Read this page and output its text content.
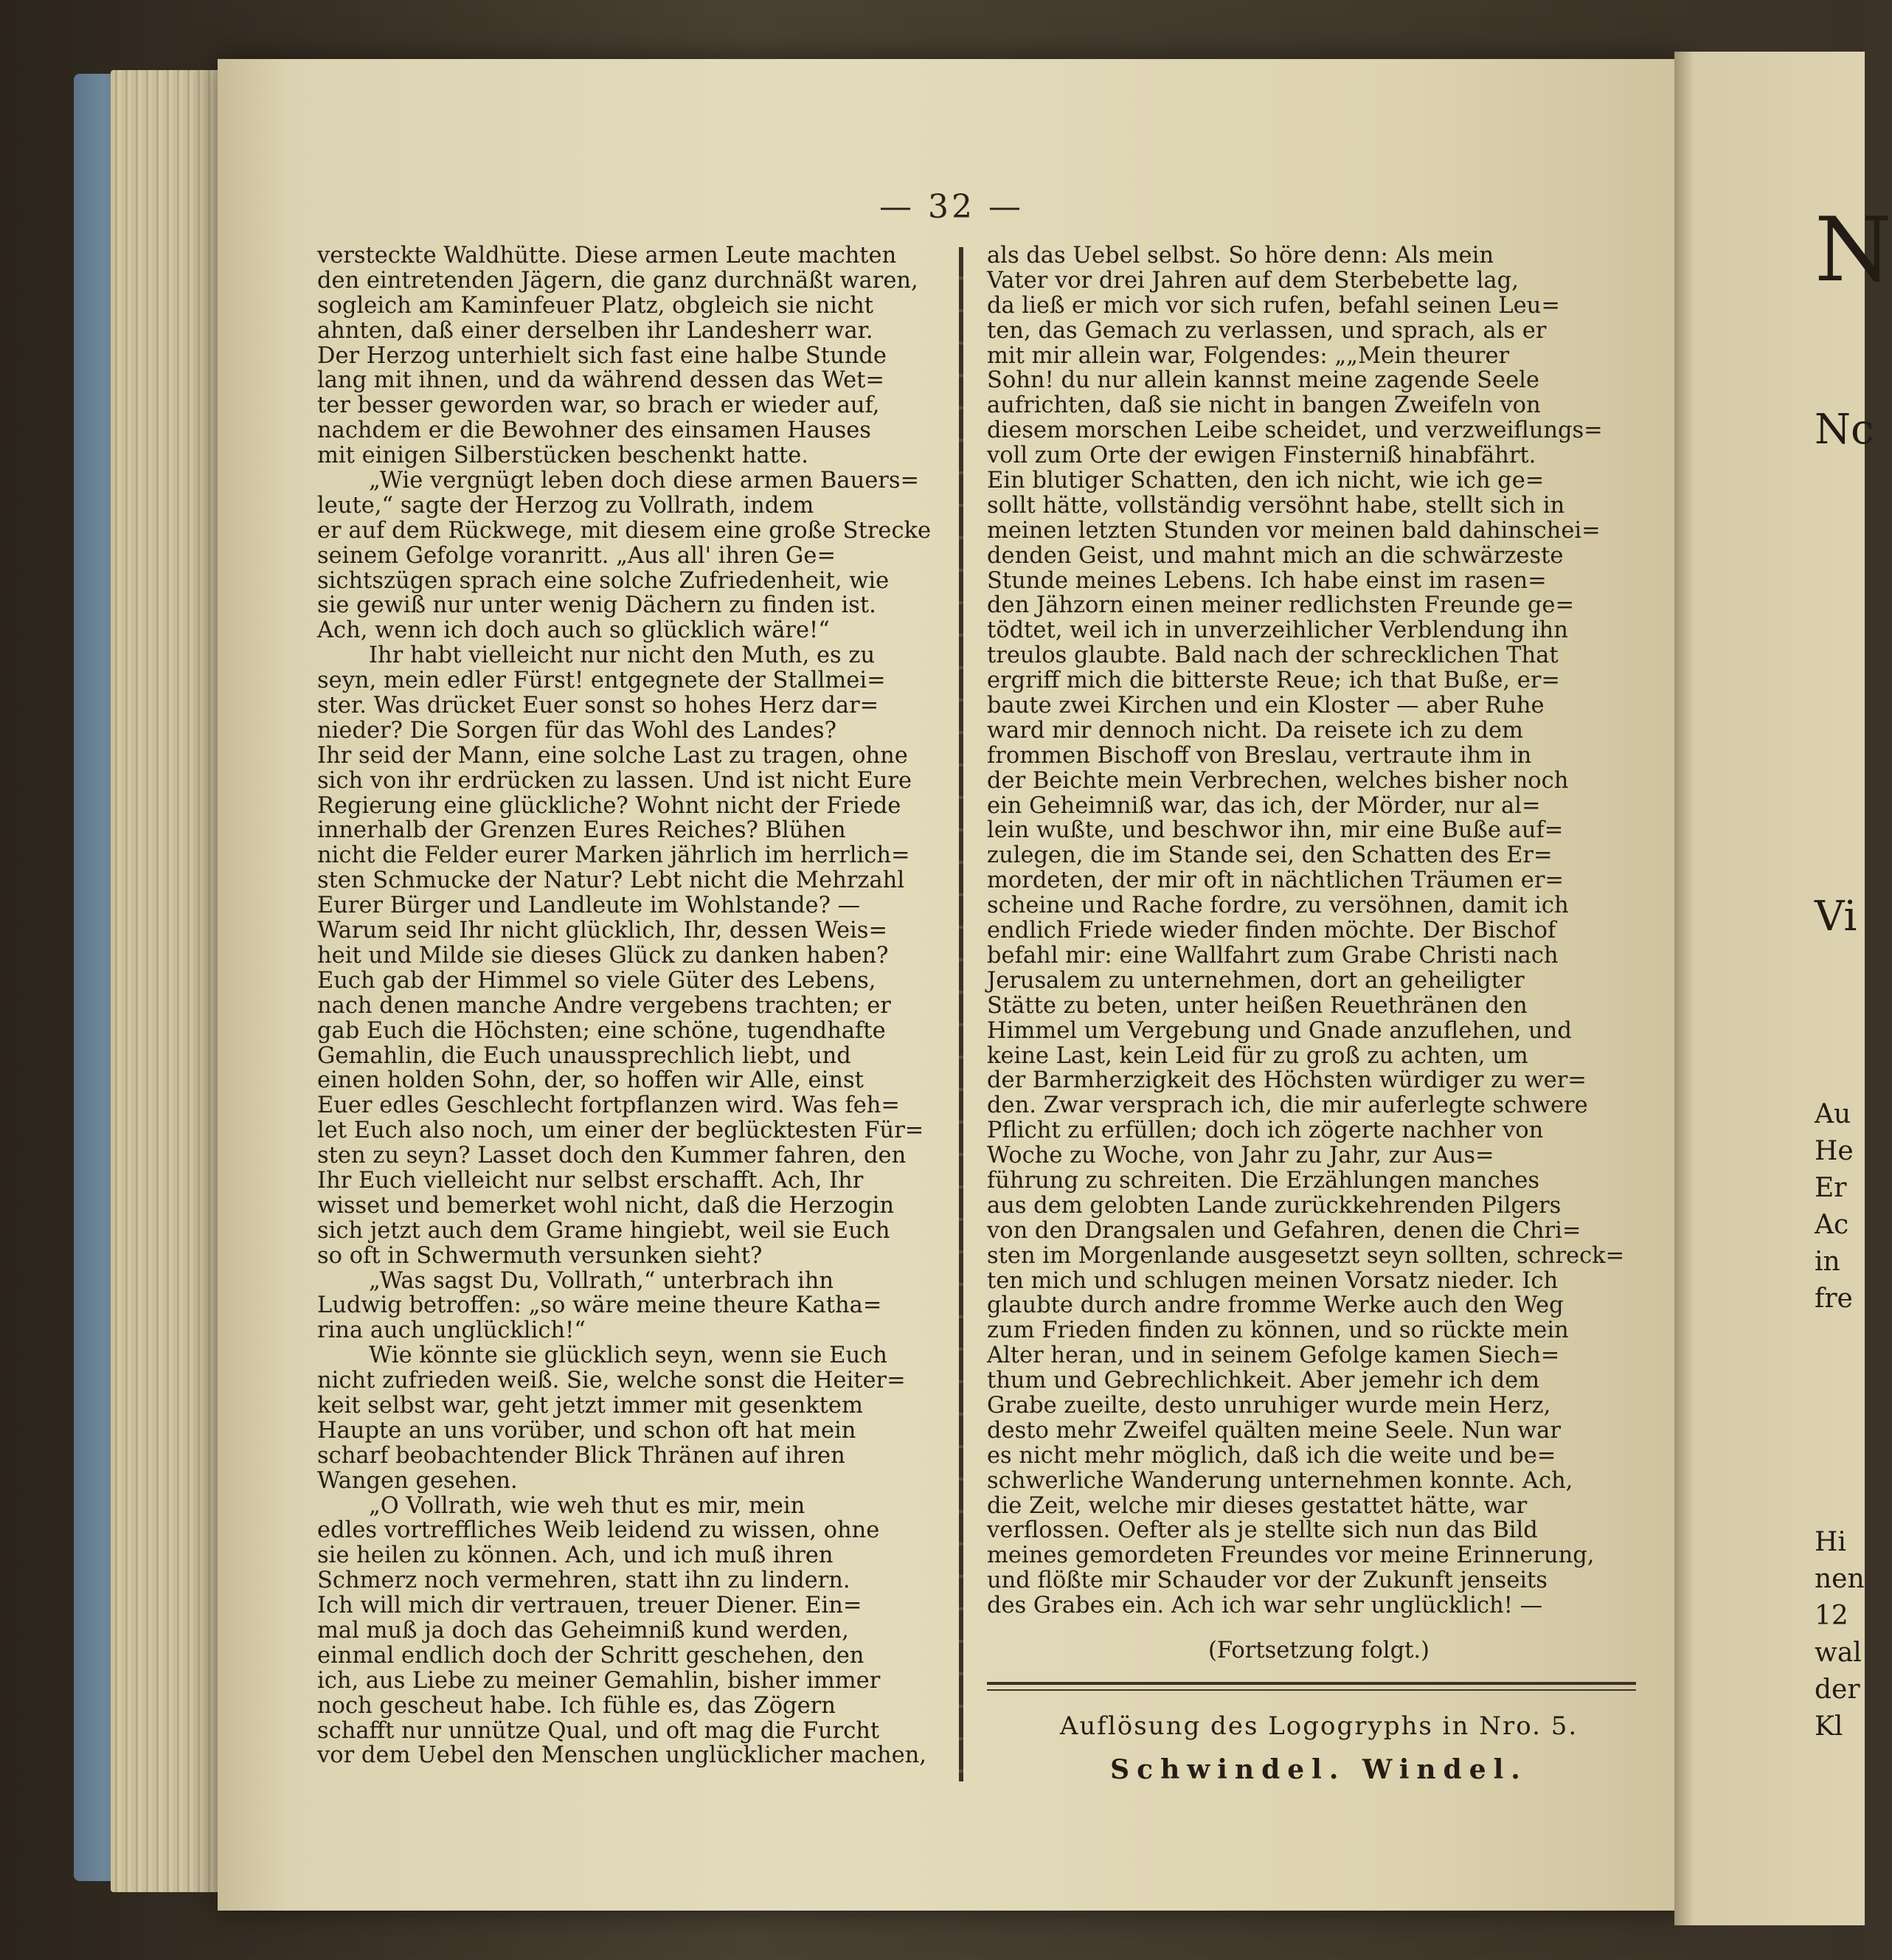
— 32 —
versteckte Waldhütte. Diese armen Leute machten
den eintretenden Jägern, die ganz durchnäßt waren,
sogleich am Kaminfeuer Platz, obgleich sie nicht
ahnten, daß einer derselben ihr Landesherr war.
Der Herzog unterhielt sich fast eine halbe Stunde
lang mit ihnen, und da während dessen das Wet=
ter besser geworden war, so brach er wieder auf,
nachdem er die Bewohner des einsamen Hauses
mit einigen Silberstücken beschenkt hatte.
„Wie vergnügt leben doch diese armen Bauers=
leute,“ sagte der Herzog zu Vollrath, indem
er auf dem Rückwege, mit diesem eine große Strecke
seinem Gefolge voranritt. „Aus all' ihren Ge=
sichtszügen sprach eine solche Zufriedenheit, wie
sie gewiß nur unter wenig Dächern zu finden ist.
Ach, wenn ich doch auch so glücklich wäre!“
Ihr habt vielleicht nur nicht den Muth, es zu
seyn, mein edler Fürst! entgegnete der Stallmei=
ster. Was drücket Euer sonst so hohes Herz dar=
nieder? Die Sorgen für das Wohl des Landes?
Ihr seid der Mann, eine solche Last zu tragen, ohne
sich von ihr erdrücken zu lassen. Und ist nicht Eure
Regierung eine glückliche? Wohnt nicht der Friede
innerhalb der Grenzen Eures Reiches? Blühen
nicht die Felder eurer Marken jährlich im herrlich=
sten Schmucke der Natur? Lebt nicht die Mehrzahl
Eurer Bürger und Landleute im Wohlstande? —
Warum seid Ihr nicht glücklich, Ihr, dessen Weis=
heit und Milde sie dieses Glück zu danken haben?
Euch gab der Himmel so viele Güter des Lebens,
nach denen manche Andre vergebens trachten; er
gab Euch die Höchsten; eine schöne, tugendhafte
Gemahlin, die Euch unaussprechlich liebt, und
einen holden Sohn, der, so hoffen wir Alle, einst
Euer edles Geschlecht fortpflanzen wird. Was feh=
let Euch also noch, um einer der beglücktesten Für=
sten zu seyn? Lasset doch den Kummer fahren, den
Ihr Euch vielleicht nur selbst erschafft. Ach, Ihr
wisset und bemerket wohl nicht, daß die Herzogin
sich jetzt auch dem Grame hingiebt, weil sie Euch
so oft in Schwermuth versunken sieht?
„Was sagst Du, Vollrath,“ unterbrach ihn
Ludwig betroffen: „so wäre meine theure Katha=
rina auch unglücklich!“
Wie könnte sie glücklich seyn, wenn sie Euch
nicht zufrieden weiß. Sie, welche sonst die Heiter=
keit selbst war, geht jetzt immer mit gesenktem
Haupte an uns vorüber, und schon oft hat mein
scharf beobachtender Blick Thränen auf ihren
Wangen gesehen.
„O Vollrath, wie weh thut es mir, mein
edles vortreffliches Weib leidend zu wissen, ohne
sie heilen zu können. Ach, und ich muß ihren
Schmerz noch vermehren, statt ihn zu lindern.
Ich will mich dir vertrauen, treuer Diener. Ein=
mal muß ja doch das Geheimniß kund werden,
einmal endlich doch der Schritt geschehen, den
ich, aus Liebe zu meiner Gemahlin, bisher immer
noch gescheut habe. Ich fühle es, das Zögern
schafft nur unnütze Qual, und oft mag die Furcht
vor dem Uebel den Menschen unglücklicher machen,
als das Uebel selbst. So höre denn: Als mein
Vater vor drei Jahren auf dem Sterbebette lag,
da ließ er mich vor sich rufen, befahl seinen Leu=
ten, das Gemach zu verlassen, und sprach, als er
mit mir allein war, Folgendes: „„Mein theurer
Sohn! du nur allein kannst meine zagende Seele
aufrichten, daß sie nicht in bangen Zweifeln von
diesem morschen Leibe scheidet, und verzweiflungs=
voll zum Orte der ewigen Finsterniß hinabfährt.
Ein blutiger Schatten, den ich nicht, wie ich ge=
sollt hätte, vollständig versöhnt habe, stellt sich in
meinen letzten Stunden vor meinen bald dahinschei=
denden Geist, und mahnt mich an die schwärzeste
Stunde meines Lebens. Ich habe einst im rasen=
den Jähzorn einen meiner redlichsten Freunde ge=
tödtet, weil ich in unverzeihlicher Verblendung ihn
treulos glaubte. Bald nach der schrecklichen That
ergriff mich die bitterste Reue; ich that Buße, er=
baute zwei Kirchen und ein Kloster — aber Ruhe
ward mir dennoch nicht. Da reisete ich zu dem
frommen Bischoff von Breslau, vertraute ihm in
der Beichte mein Verbrechen, welches bisher noch
ein Geheimniß war, das ich, der Mörder, nur al=
lein wußte, und beschwor ihn, mir eine Buße auf=
zulegen, die im Stande sei, den Schatten des Er=
mordeten, der mir oft in nächtlichen Träumen er=
scheine und Rache fordre, zu versöhnen, damit ich
endlich Friede wieder finden möchte. Der Bischof
befahl mir: eine Wallfahrt zum Grabe Christi nach
Jerusalem zu unternehmen, dort an geheiligter
Stätte zu beten, unter heißen Reuethränen den
Himmel um Vergebung und Gnade anzuflehen, und
keine Last, kein Leid für zu groß zu achten, um
der Barmherzigkeit des Höchsten würdiger zu wer=
den. Zwar versprach ich, die mir auferlegte schwere
Pflicht zu erfüllen; doch ich zögerte nachher von
Woche zu Woche, von Jahr zu Jahr, zur Aus=
führung zu schreiten. Die Erzählungen manches
aus dem gelobten Lande zurückkehrenden Pilgers
von den Drangsalen und Gefahren, denen die Chri=
sten im Morgenlande ausgesetzt seyn sollten, schreck=
ten mich und schlugen meinen Vorsatz nieder. Ich
glaubte durch andre fromme Werke auch den Weg
zum Frieden finden zu können, und so rückte mein
Alter heran, und in seinem Gefolge kamen Siech=
thum und Gebrechlichkeit. Aber jemehr ich dem
Grabe zueilte, desto unruhiger wurde mein Herz,
desto mehr Zweifel quälten meine Seele. Nun war
es nicht mehr möglich, daß ich die weite und be=
schwerliche Wanderung unternehmen konnte. Ach,
die Zeit, welche mir dieses gestattet hätte, war
verflossen. Oefter als je stellte sich nun das Bild
meines gemordeten Freundes vor meine Erinnerung,
und flößte mir Schauder vor der Zukunft jenseits
des Grabes ein. Ach ich war sehr unglücklich! —
(Fortsetzung folgt.)
Auflösung des Logogryphs in Nro. 5.
Schwindel. Windel.
N
Nc
Vi
Au
He
Er
Ac
in
fre
Hi
nen
12
wal
der
Kl
